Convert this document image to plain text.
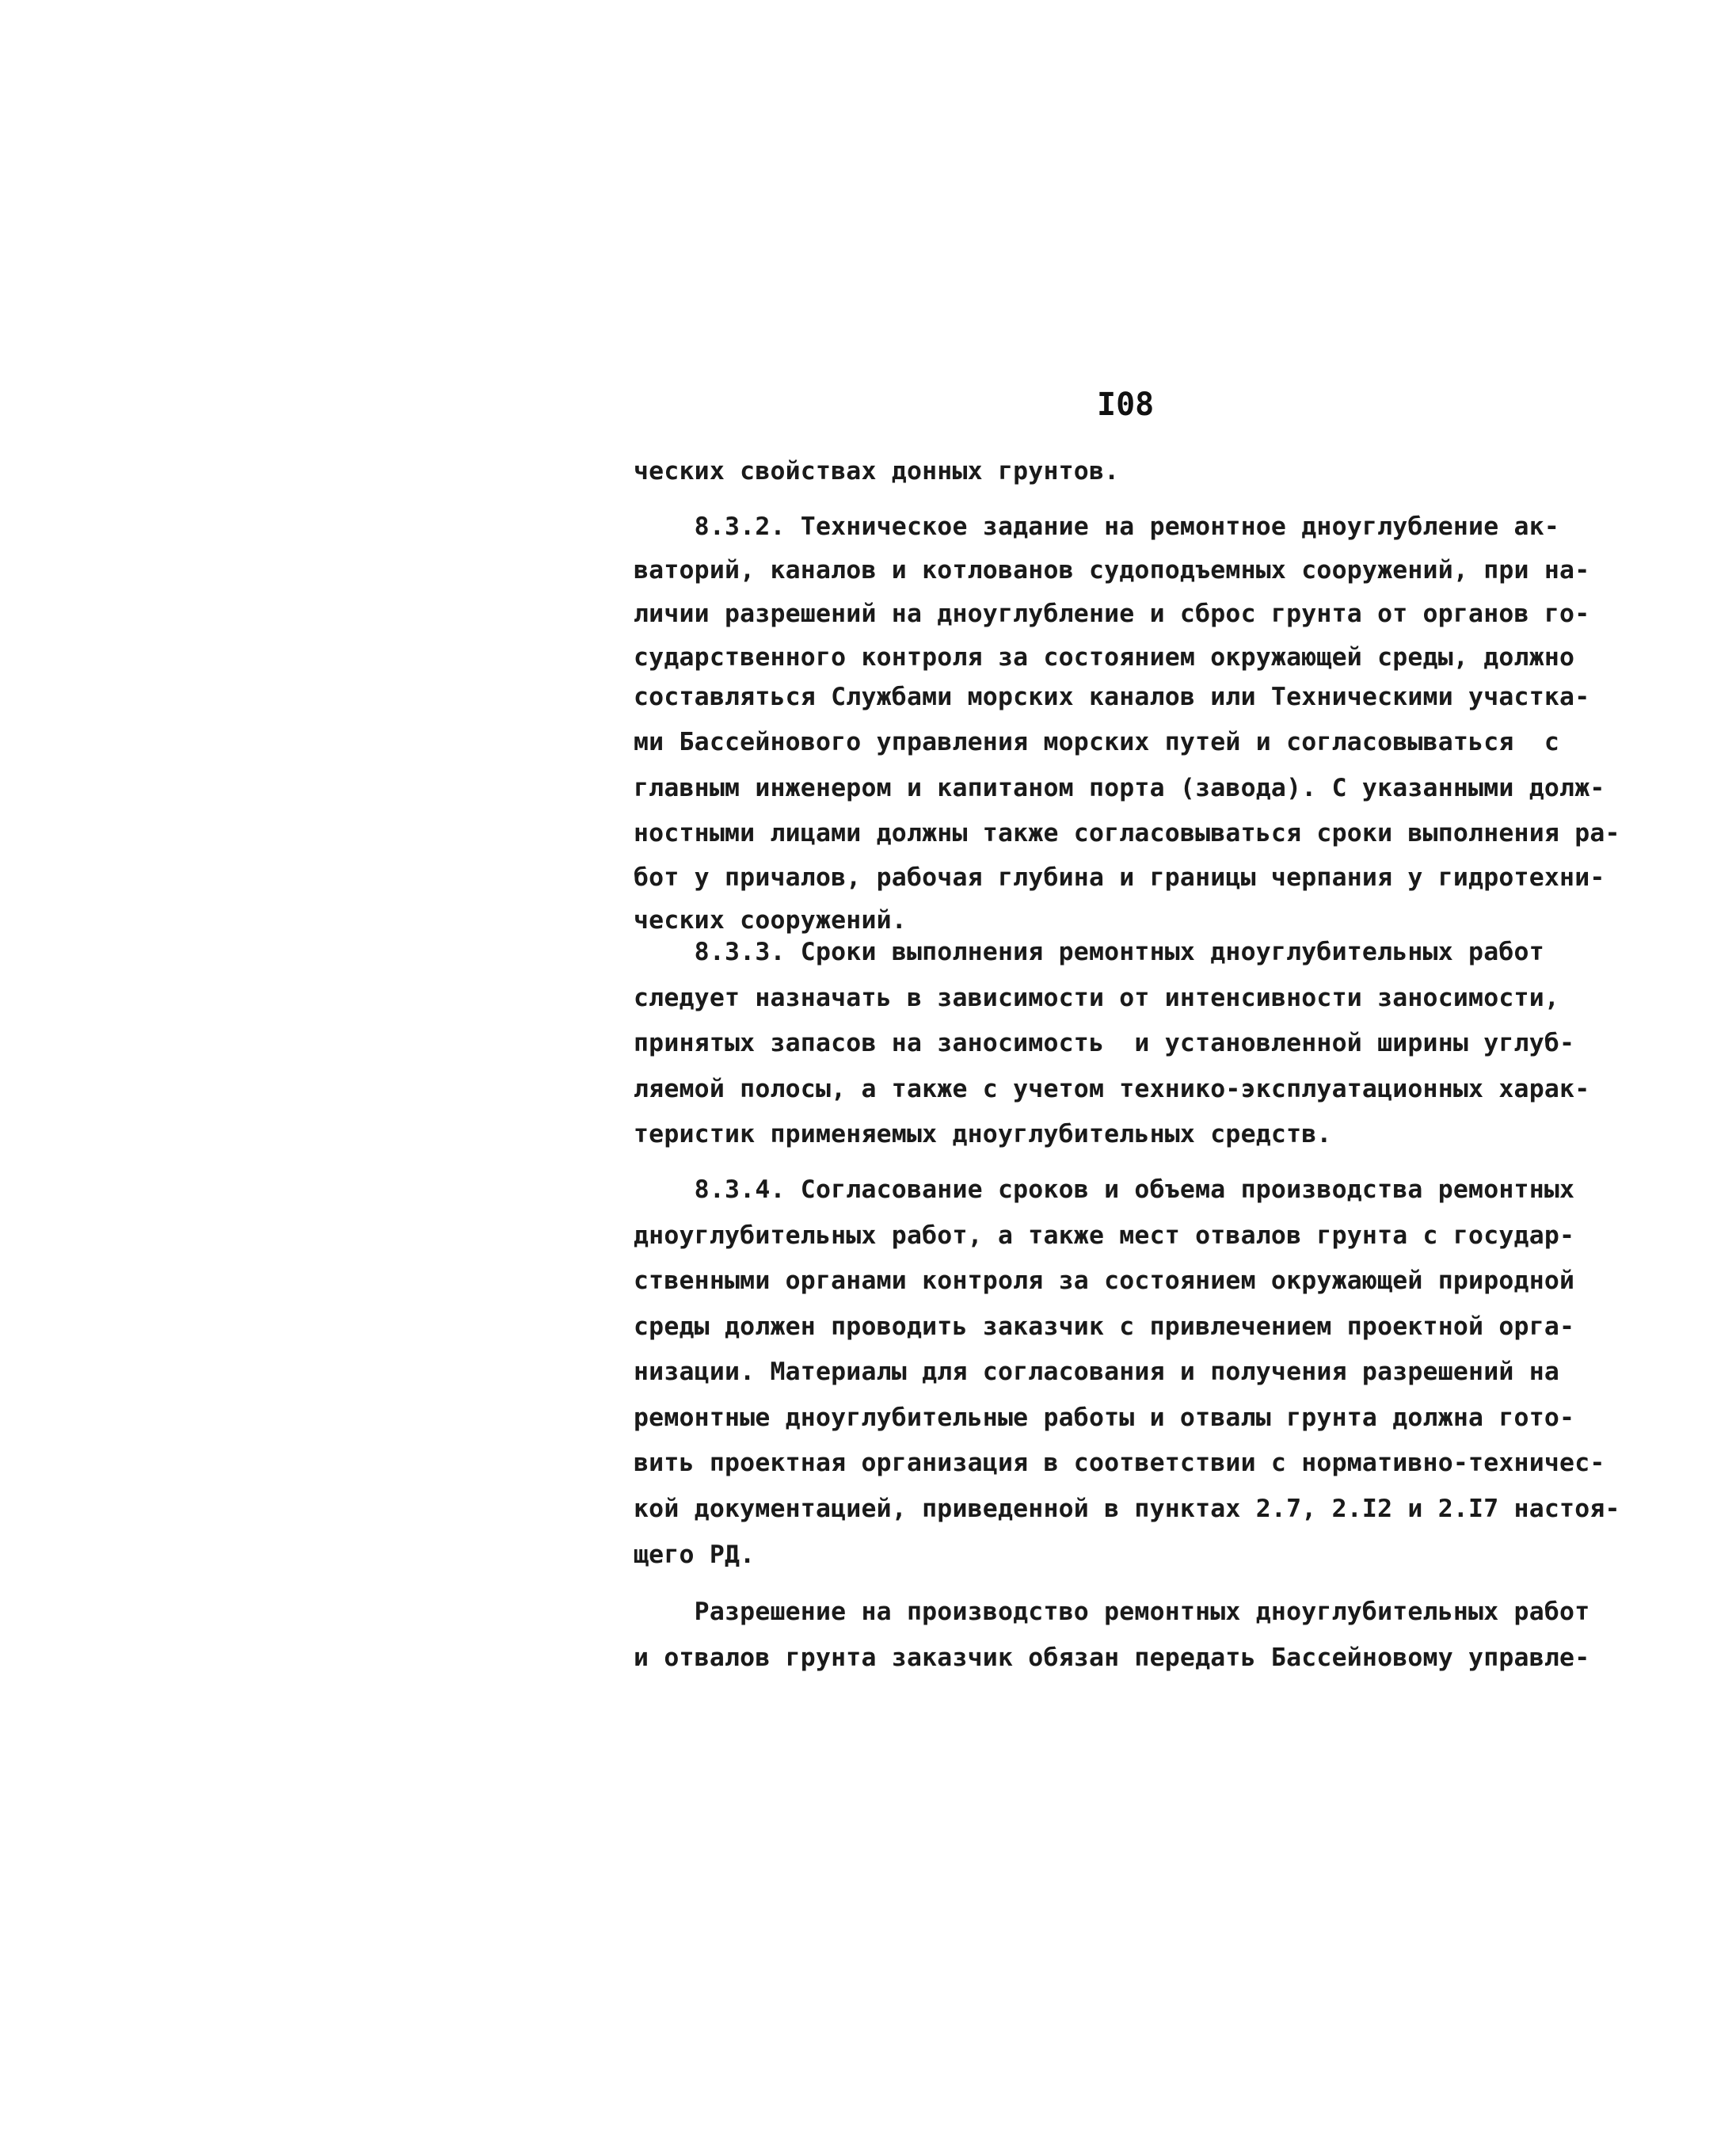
I08
ческих свойствах донных грунтов.
8.3.2. Техническое задание на ремонтное дноуглубление ак-
ваторий, каналов и котлованов судоподъемных сооружений, при на-
личии разрешений на дноуглубление и сброс грунта от органов го-
сударственного контроля за состоянием окружающей среды, должно
составляться Службами морских каналов или Техническими участка-
ми Бассейнового управления морских путей и согласовываться  с
главным инженером и капитаном порта (завода). С указанными долж-
ностными лицами должны также согласовываться сроки выполнения ра-
бот у причалов, рабочая глубина и границы черпания у гидротехни-
ческих сооружений.
8.3.3. Сроки выполнения ремонтных дноуглубительных работ
следует назначать в зависимости от интенсивности заносимости,
принятых запасов на заносимость  и установленной ширины углуб-
ляемой полосы, а также с учетом технико-эксплуатационных харак-
теристик применяемых дноуглубительных средств.
8.3.4. Согласование сроков и объема производства ремонтных
дноуглубительных работ, а также мест отвалов грунта с государ-
ственными органами контроля за состоянием окружающей природной
среды должен проводить заказчик с привлечением проектной орга-
низации. Материалы для согласования и получения разрешений на
ремонтные дноуглубительные работы и отвалы грунта должна гото-
вить проектная организация в соответствии с нормативно-техничес-
кой документацией, приведенной в пунктах 2.7, 2.I2 и 2.I7 настоя-
щего РД.
Разрешение на производство ремонтных дноуглубительных работ
и отвалов грунта заказчик обязан передать Бассейновому управле-
